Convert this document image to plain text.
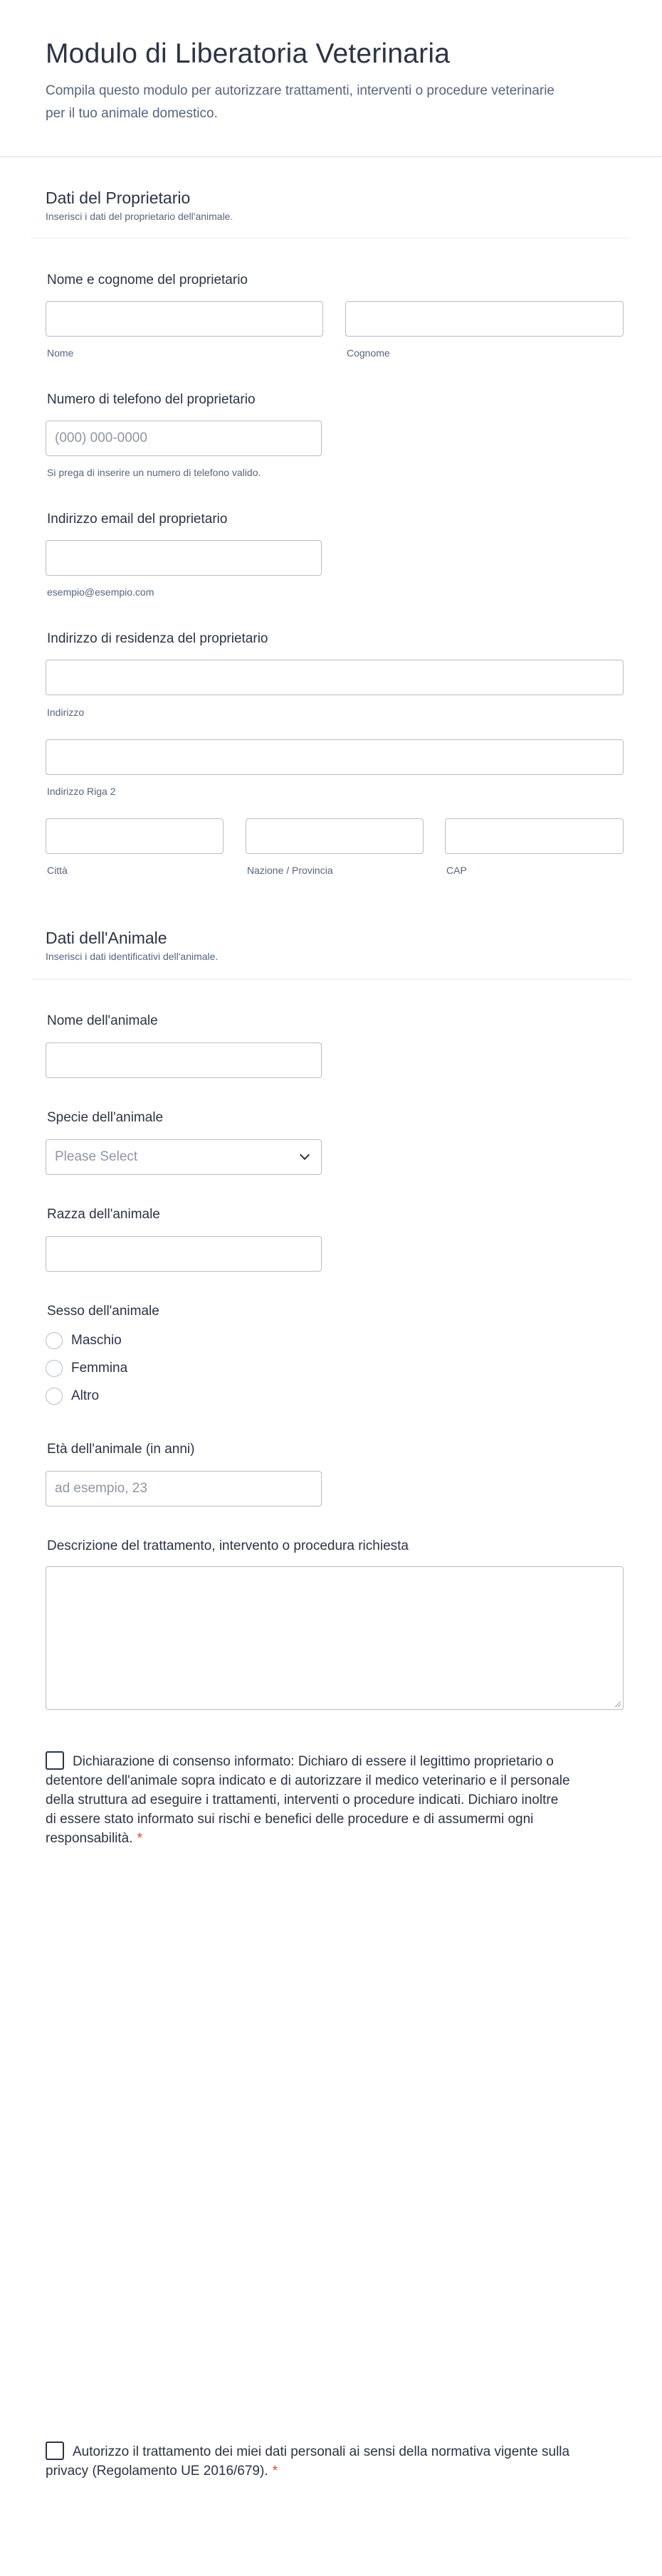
Modulo di Liberatoria Veterinaria

Compila questo modulo per autorizzare trattamenti, interventi o procedure veterinarie per il tuo animale domestico.

Dati del Proprietario
Inserisci i dati del proprietario dell'animale.
Nome e cognome del proprietario
Nome	Cognome
Numero di telefono del proprietario
(000) 000-0000
Si prega di inserire un numero di telefono valido.
Indirizzo email del proprietario
esempio@esempio.com
Indirizzo di residenza del proprietario
Indirizzo
Indirizzo Riga 2
Città	Nazione / Provincia	CAP
Dati dell'Animale
Inserisci i dati identificativi dell'animale.
Nome dell'animale
Specie dell'animale
Please Select
Razza dell'animale
Sesso dell'animale
Maschio
Femmina
Altro
Età dell'animale (in anni)
ad esempio, 23
Descrizione del trattamento, intervento o procedura richiesta
Dichiarazione di consenso informato: Dichiaro di essere il legittimo proprietario o detentore dell'animale sopra indicato e di autorizzare il medico veterinario e il personale della struttura ad eseguire i trattamenti, interventi o procedure indicati. Dichiaro inoltre di essere stato informato sui rischi e benefici delle procedure e di assumermi ogni responsabilità. *
Autorizzo il trattamento dei miei dati personali ai sensi della normativa vigente sulla privacy (Regolamento UE 2016/679). *
